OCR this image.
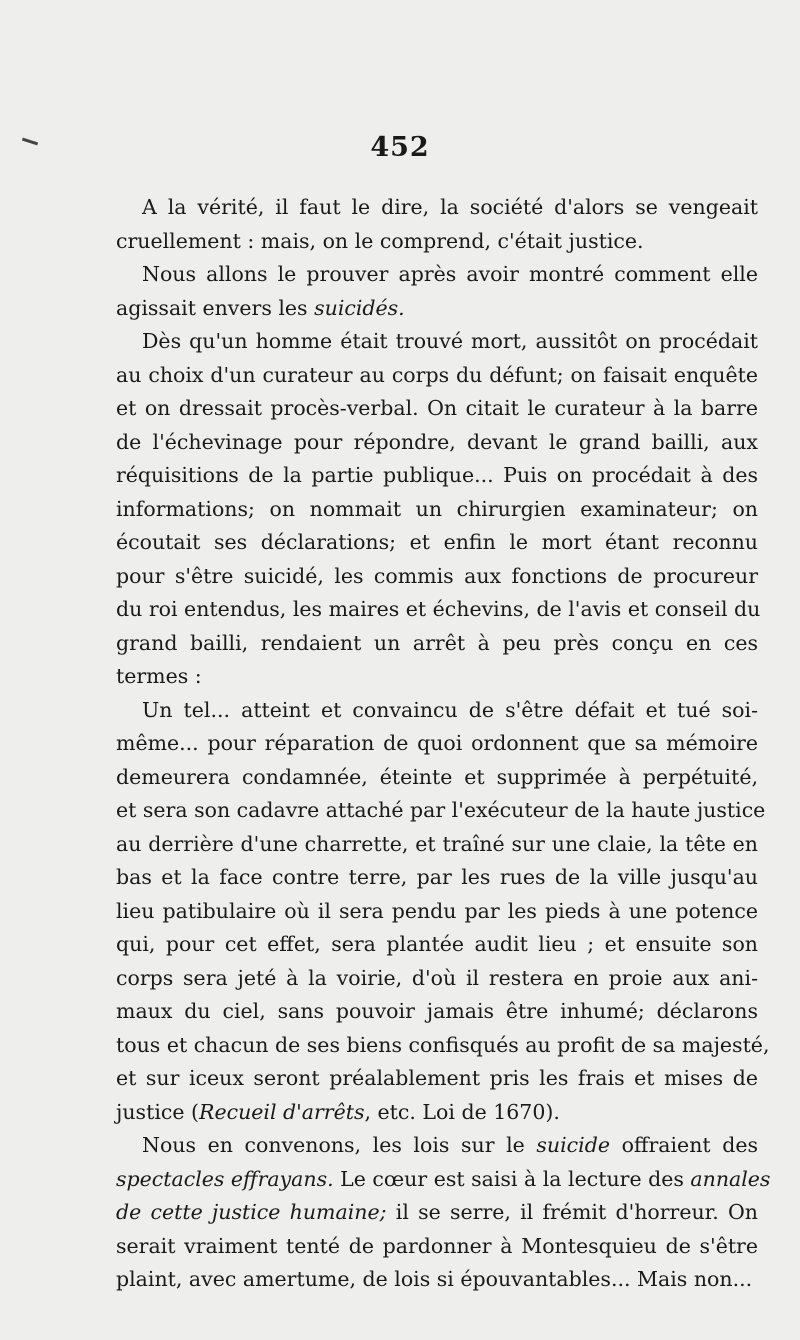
452
A la vérité, il faut le dire, la société d'alors se vengeait
cruellement : mais, on le comprend, c'était justice.
Nous allons le prouver après avoir montré comment elle
agissait envers les suicidés.
Dès qu'un homme était trouvé mort, aussitôt on procédait
au choix d'un curateur au corps du défunt; on faisait enquête
et on dressait procès-verbal. On citait le curateur à la barre
de l'échevinage pour répondre, devant le grand bailli, aux
réquisitions de la partie publique... Puis on procédait à des
informations; on nommait un chirurgien examinateur; on
écoutait ses déclarations; et enfin le mort étant reconnu
pour s'être suicidé, les commis aux fonctions de procureur
du roi entendus, les maires et échevins, de l'avis et conseil du
grand bailli, rendaient un arrêt à peu près conçu en ces
termes :
Un tel... atteint et convaincu de s'être défait et tué soi-
même... pour réparation de quoi ordonnent que sa mémoire
demeurera condamnée, éteinte et supprimée à perpétuité,
et sera son cadavre attaché par l'exécuteur de la haute justice
au derrière d'une charrette, et traîné sur une claie, la tête en
bas et la face contre terre, par les rues de la ville jusqu'au
lieu patibulaire où il sera pendu par les pieds à une potence
qui, pour cet effet, sera plantée audit lieu ; et ensuite son
corps sera jeté à la voirie, d'où il restera en proie aux ani-
maux du ciel, sans pouvoir jamais être inhumé; déclarons
tous et chacun de ses biens confisqués au profit de sa majesté,
et sur iceux seront préalablement pris les frais et mises de
justice (Recueil d'arrêts, etc. Loi de 1670).
Nous en convenons, les lois sur le suicide offraient des
spectacles effrayans. Le cœur est saisi à la lecture des annales
de cette justice humaine; il se serre, il frémit d'horreur. On
serait vraiment tenté de pardonner à Montesquieu de s'être
plaint, avec amertume, de lois si épouvantables... Mais non...
